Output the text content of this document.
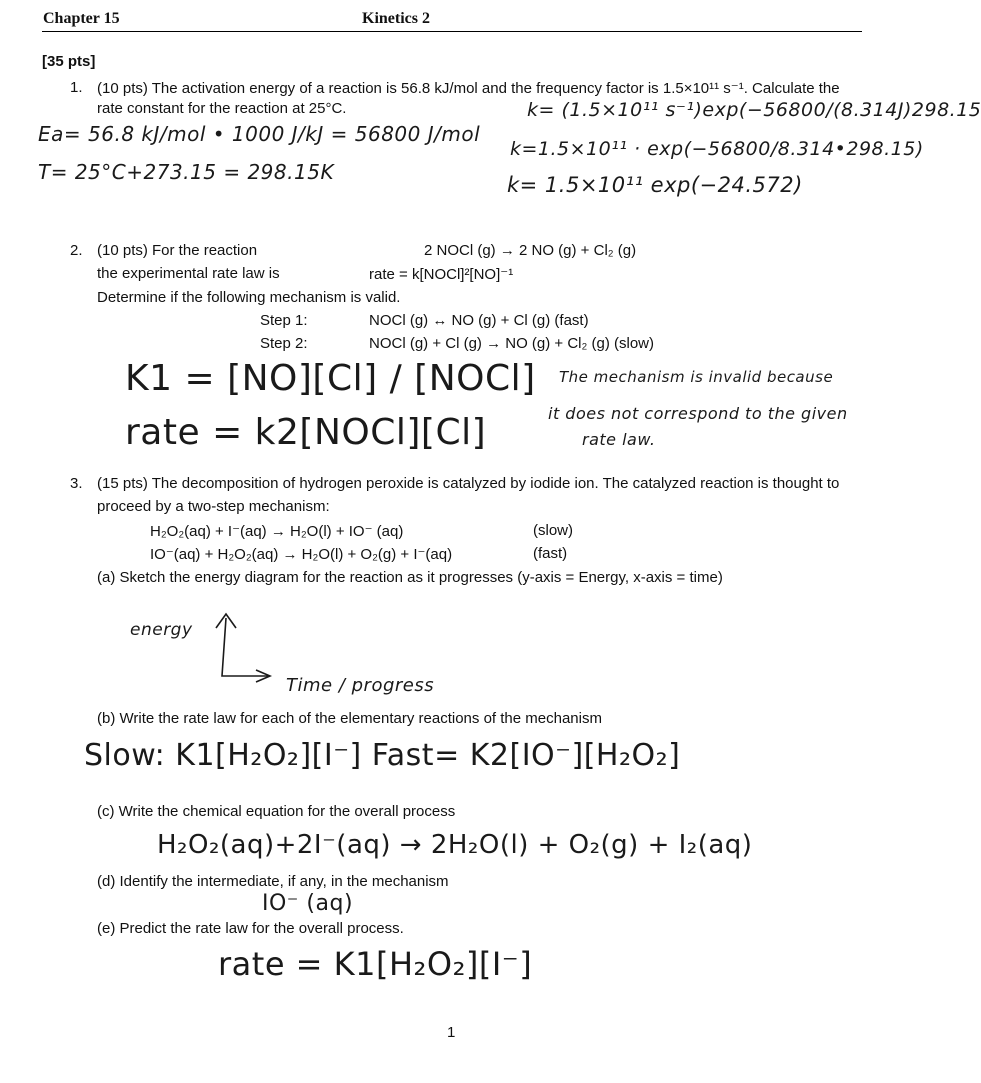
Chapter 15	Kinetics 2
[35 pts]
1. (10 pts) The activation energy of a reaction is 56.8 kJ/mol and the frequency factor is 1.5×10¹¹ s⁻¹. Calculate the
rate constant for the reaction at 25°C.
Ea= 56.8 kJ/mol • 1000 J/kJ = 56800 J/mol
T= 25°C+273.15 = 298.15K
k= (1.5×10¹¹ s⁻¹)exp(−56800/(8.314J)298.15
k=1.5×10¹¹ · exp(−56800/8.314•298.15)
k= 1.5×10¹¹ exp(−24.572)
2. (10 pts) For the reaction	2 NOCl (g) → 2 NO (g) + Cl₂ (g)
the experimental rate law is	rate = k[NOCl]²[NO]⁻¹
Determine if the following mechanism is valid.
Step 1:	NOCl (g) ↔ NO (g) + Cl (g) (fast)
Step 2:	NOCl (g) + Cl (g) → NO (g) + Cl₂ (g) (slow)
K1 = [NO][Cl] / [NOCl]
rate = k2[NOCl][Cl]
The mechanism is invalid because
it does not correspond to the given
rate law.
3. (15 pts) The decomposition of hydrogen peroxide is catalyzed by iodide ion. The catalyzed reaction is thought to
proceed by a two-step mechanism:
H₂O₂(aq) + I⁻(aq) → H₂O(l) + IO⁻ (aq)	(slow)
IO⁻(aq) + H₂O₂(aq) → H₂O(l) + O₂(g) + I⁻(aq)	(fast)
(a) Sketch the energy diagram for the reaction as it progresses (y-axis = Energy, x-axis = time)
energy
Time / progress
(b) Write the rate law for each of the elementary reactions of the mechanism
Slow: K1[H₂O₂][I⁻] Fast= K2[IO⁻][H₂O₂]
(c) Write the chemical equation for the overall process
H₂O₂(aq)+2I⁻(aq) → 2H₂O(l) + O₂(g) + I₂(aq)
(d) Identify the intermediate, if any, in the mechanism
IO⁻ (aq)
(e) Predict the rate law for the overall process.
rate = K1[H₂O₂][I⁻]
1
